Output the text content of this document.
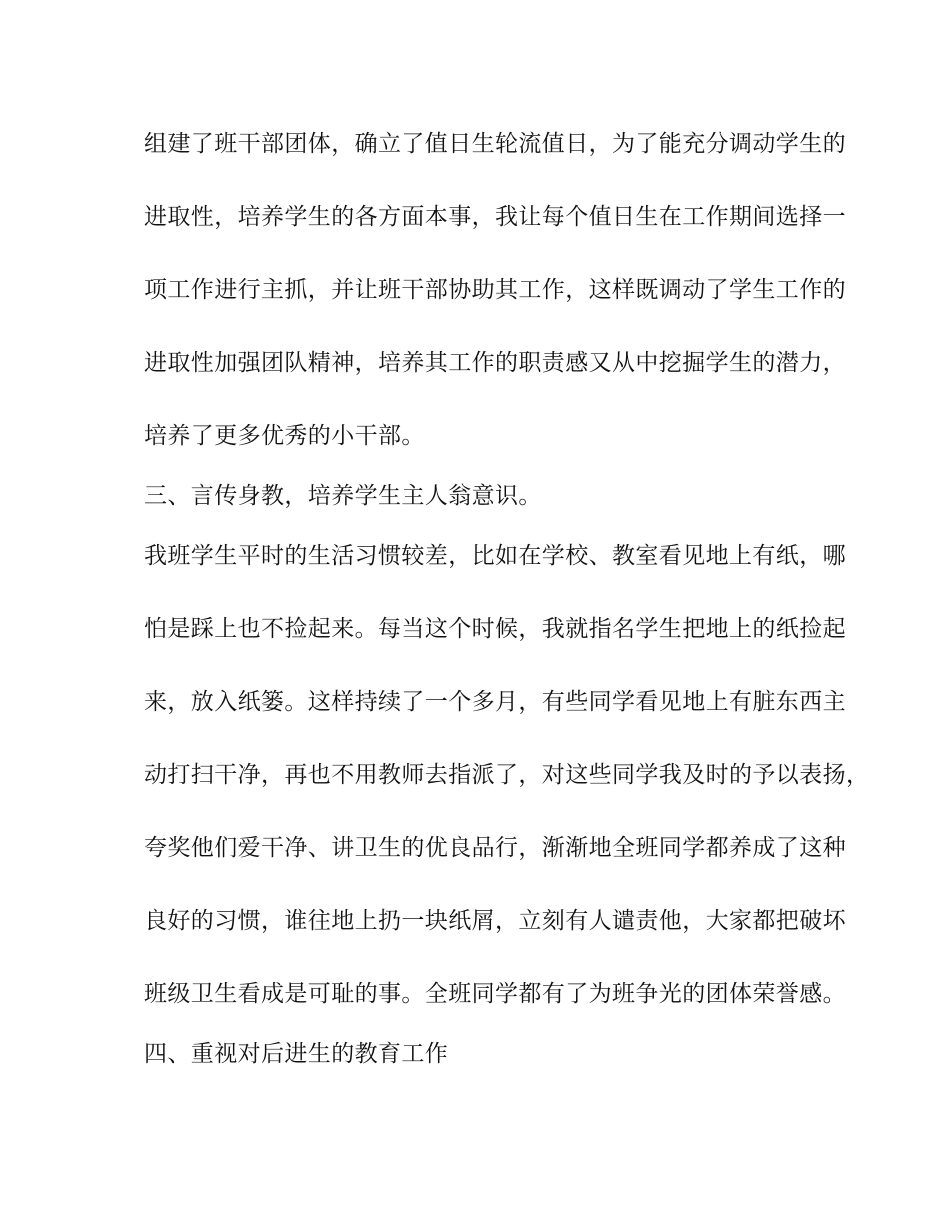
组建了班干部团体，确立了值日生轮流值日，为了能充分调动学生的
进取性，培养学生的各方面本事，我让每个值日生在工作期间选择一
项工作进行主抓，并让班干部协助其工作，这样既调动了学生工作的
进取性加强团队精神，培养其工作的职责感又从中挖掘学生的潜力，
培养了更多优秀的小干部。
三、言传身教，培养学生主人翁意识。
我班学生平时的生活习惯较差，比如在学校、教室看见地上有纸，哪
怕是踩上也不捡起来。每当这个时候，我就指名学生把地上的纸捡起
来，放入纸篓。这样持续了一个多月，有些同学看见地上有脏东西主
动打扫干净，再也不用教师去指派了，对这些同学我及时的予以表扬，
夸奖他们爱干净、讲卫生的优良品行，渐渐地全班同学都养成了这种
良好的习惯，谁往地上扔一块纸屑，立刻有人谴责他，大家都把破坏
班级卫生看成是可耻的事。全班同学都有了为班争光的团体荣誉感。
四、重视对后进生的教育工作
